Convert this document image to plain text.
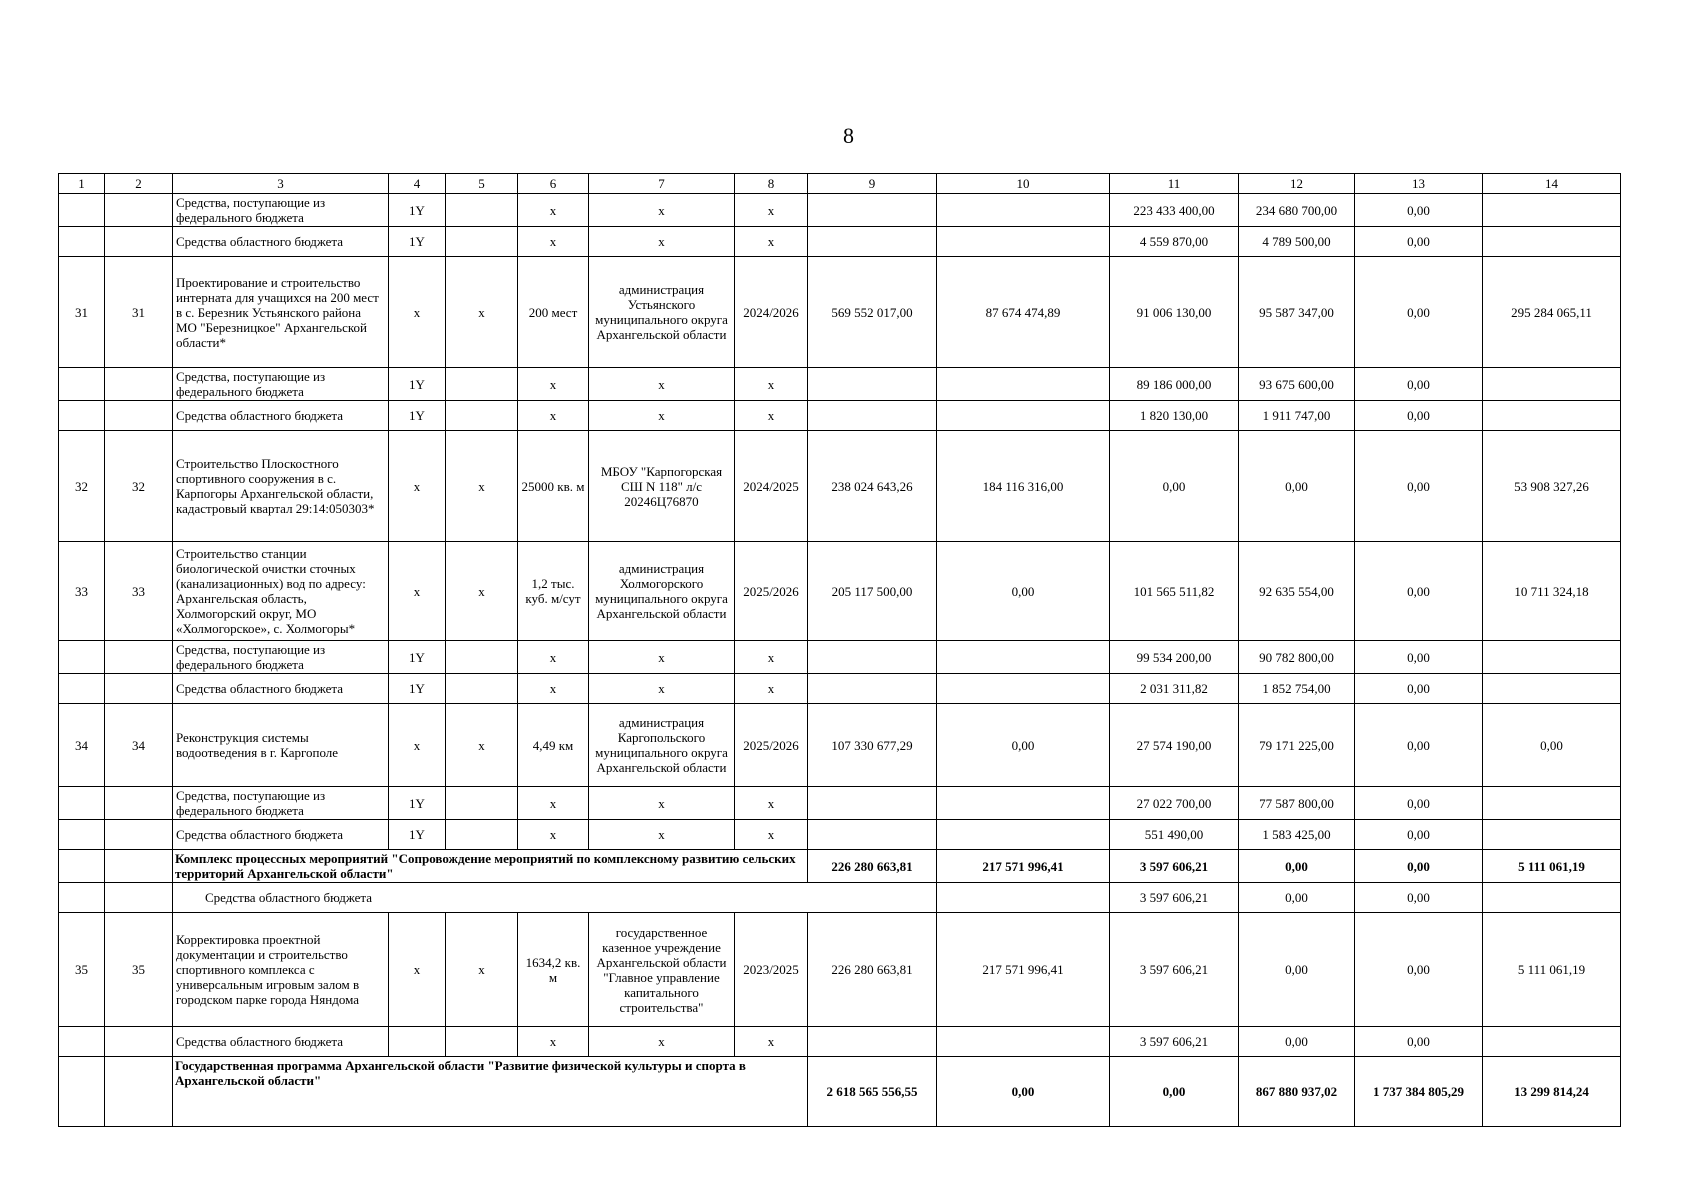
8
1	2	3	4	5	6	7	8	9	10	11	12	13	14
		Средства, поступающие из федерального бюджета	1Y		x	x	x			223 433 400,00	234 680 700,00	0,00	
		Средства областного бюджета	1Y		x	x	x			4 559 870,00	4 789 500,00	0,00	
31	31	Проектирование и строительство интерната для учащихся на 200 мест в с. Березник Устьянского района МО "Березницкое" Архангельской области*	x	x	200 мест	администрация Устьянского муниципального округа Архангельской области	2024/2026	569 552 017,00	87 674 474,89	91 006 130,00	95 587 347,00	0,00	295 284 065,11
		Средства, поступающие из федерального бюджета	1Y		x	x	x			89 186 000,00	93 675 600,00	0,00	
		Средства областного бюджета	1Y		x	x	x			1 820 130,00	1 911 747,00	0,00	
32	32	Строительство Плоскостного спортивного сооружения в с. Карпогоры Архангельской области, кадастровый квартал 29:14:050303*	x	x	25000 кв. м	МБОУ "Карпогорская СШ N 118" л/с 20246Ц76870	2024/2025	238 024 643,26	184 116 316,00	0,00	0,00	0,00	53 908 327,26
33	33	Строительство станции биологической очистки сточных (канализационных) вод по адресу: Архангельская область, Холмогорский округ, МО «Холмогорское», с. Холмогоры*	x	x	1,2 тыс. куб. м/сут	администрация Холмогорского муниципального округа Архангельской области	2025/2026	205 117 500,00	0,00	101 565 511,82	92 635 554,00	0,00	10 711 324,18
		Средства, поступающие из федерального бюджета	1Y		x	x	x			99 534 200,00	90 782 800,00	0,00	
		Средства областного бюджета	1Y		x	x	x			2 031 311,82	1 852 754,00	0,00	
34	34	Реконструкция системы водоотведения в г. Каргополе	x	x	4,49 км	администрация Каргопольского муниципального округа Архангельской области	2025/2026	107 330 677,29	0,00	27 574 190,00	79 171 225,00	0,00	0,00
		Средства, поступающие из федерального бюджета	1Y		x	x	x			27 022 700,00	77 587 800,00	0,00	
		Средства областного бюджета	1Y		x	x	x			551 490,00	1 583 425,00	0,00	
		Комплекс процессных мероприятий "Сопровождение мероприятий по комплексному развитию сельских территорий Архангельской области"						226 280 663,81	217 571 996,41	3 597 606,21	0,00	0,00	5 111 061,19
		Средства областного бюджета								3 597 606,21	0,00	0,00	
35	35	Корректировка проектной документации и строительство спортивного комплекса с универсальным игровым залом в городском парке города Няндома	x	x	1634,2 кв. м	государственное казенное учреждение Архангельской области "Главное управление капитального строительства"	2023/2025	226 280 663,81	217 571 996,41	3 597 606,21	0,00	0,00	5 111 061,19
		Средства областного бюджета			x	x	x			3 597 606,21	0,00	0,00	
		Государственная программа Архангельской области "Развитие физической культуры и спорта в Архангельской области"						2 618 565 556,55	0,00	0,00	867 880 937,02	1 737 384 805,29	13 299 814,24
